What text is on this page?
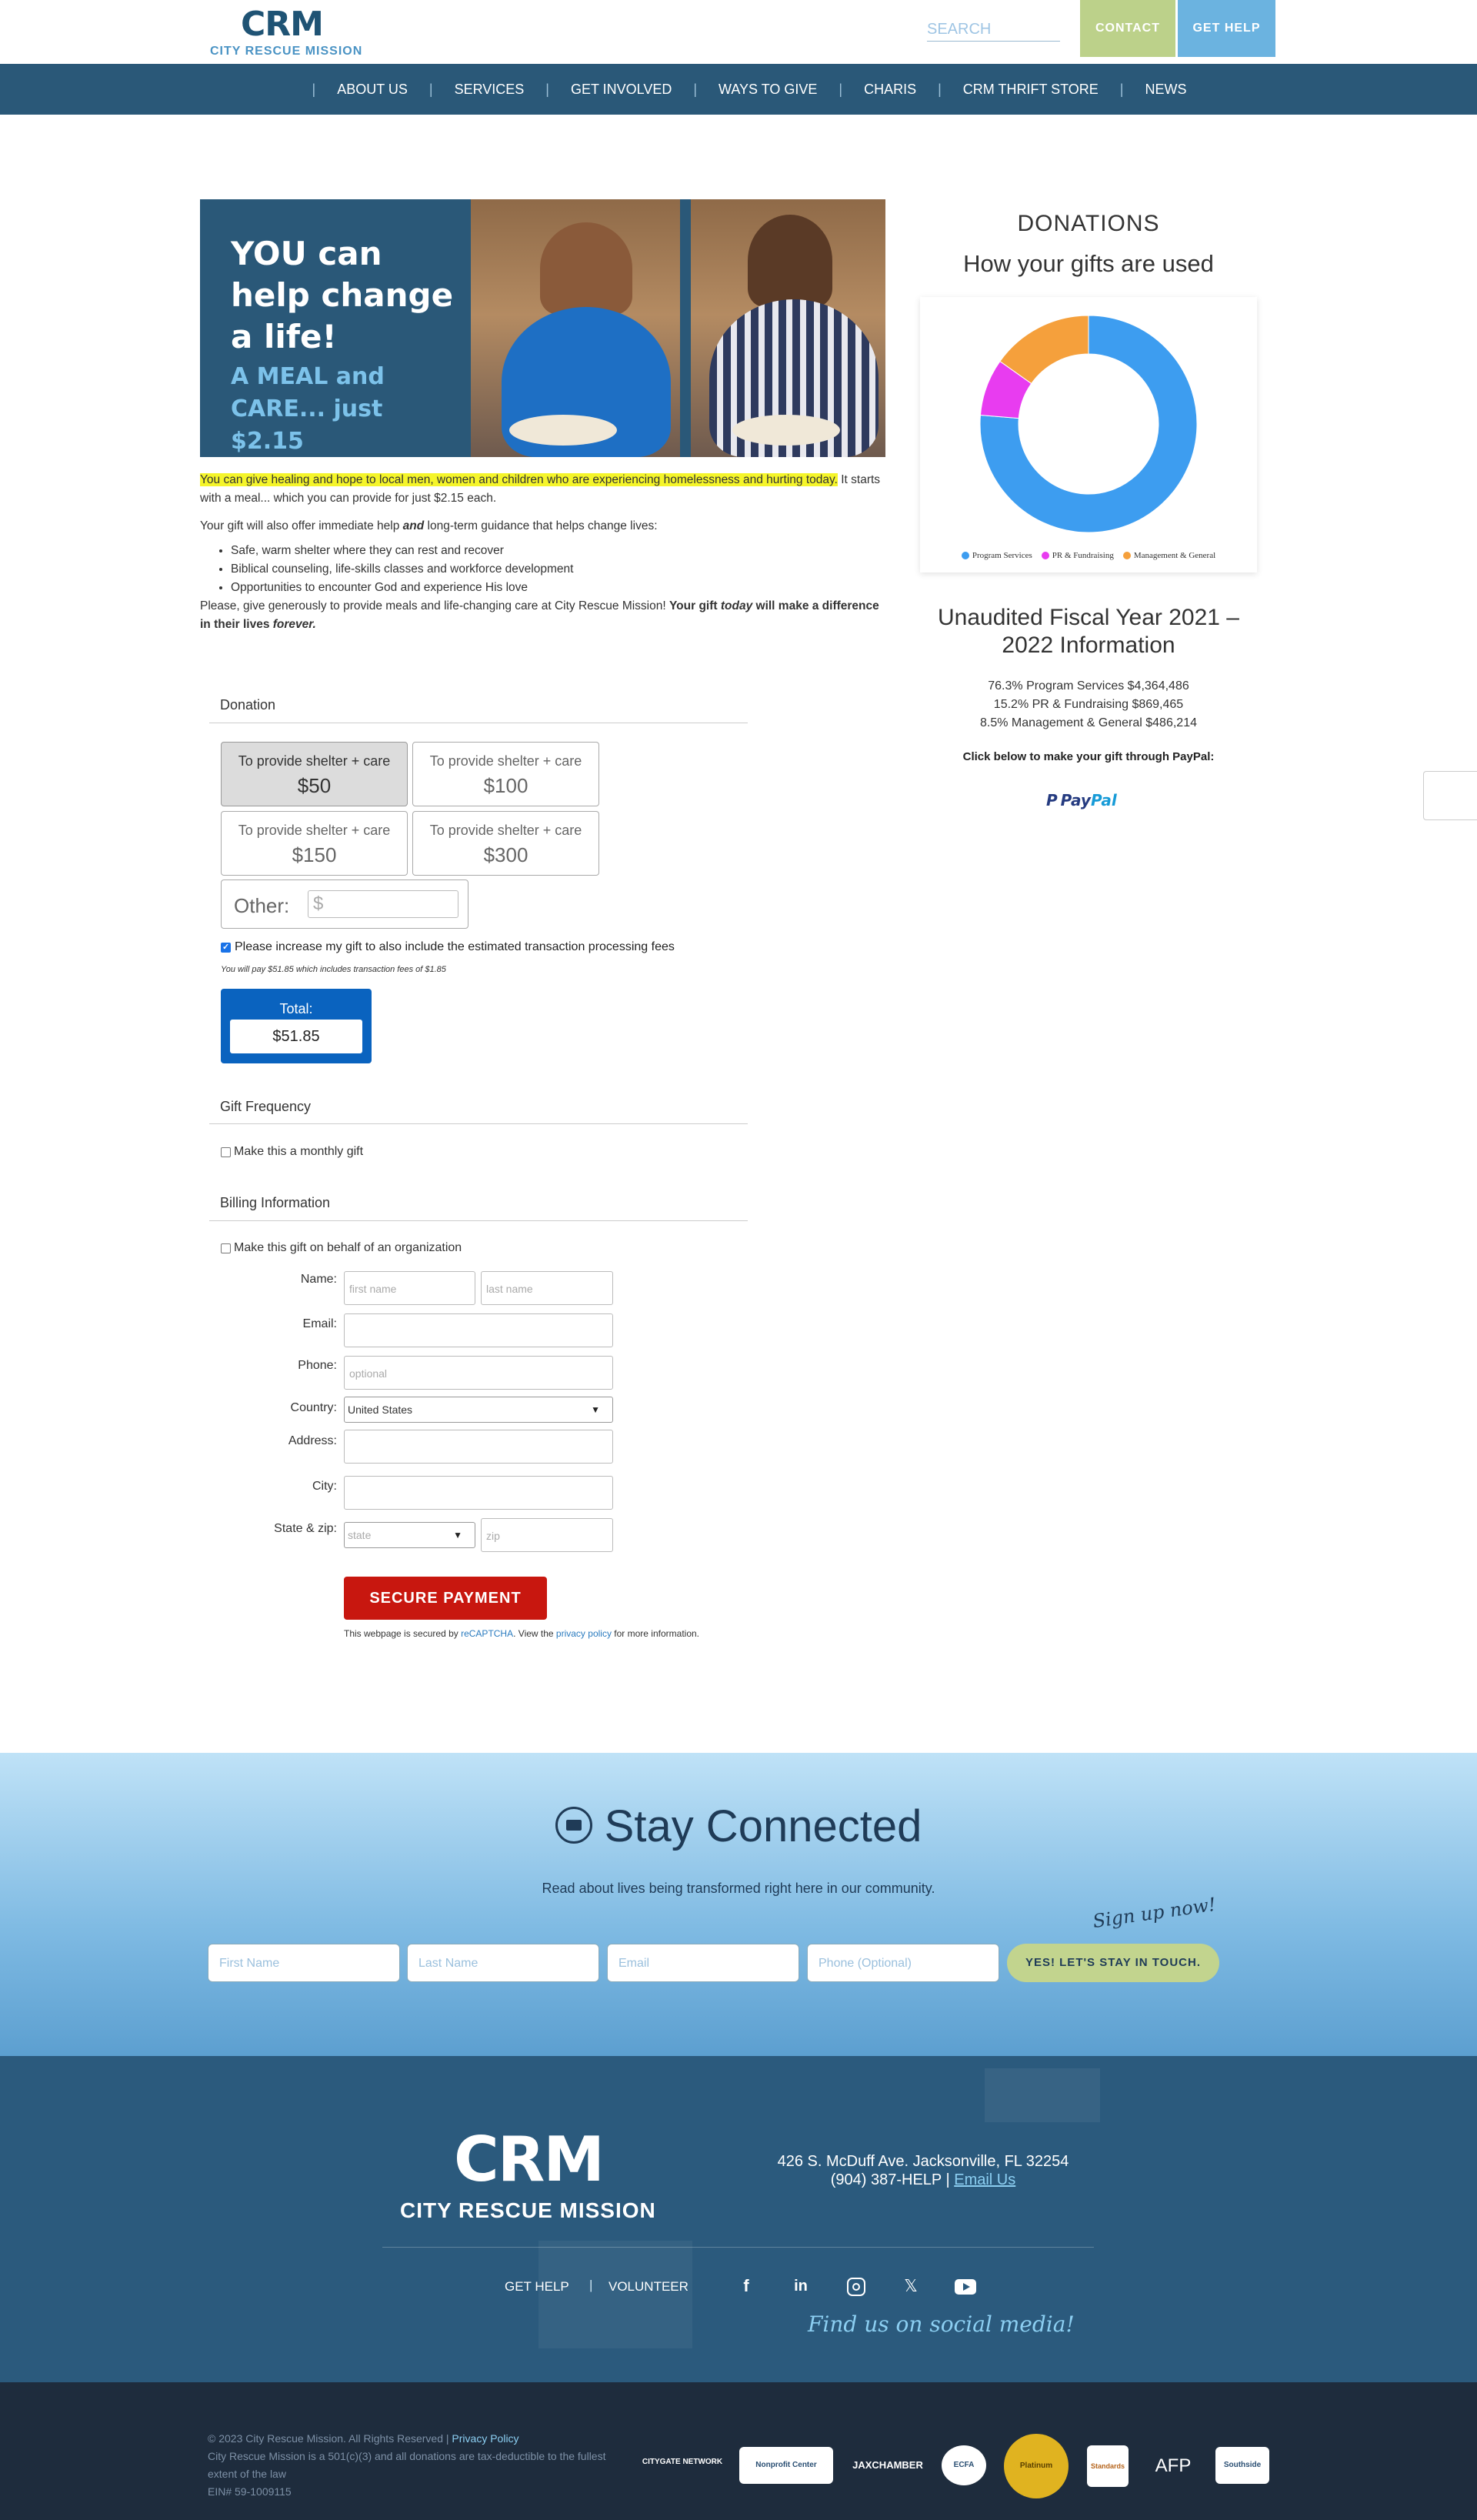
CRM
CITY RESCUE MISSION
SEARCH	CONTACT	GET HELP
| ABOUT US | SERVICES | GET INVOLVED | WAYS TO GIVE | CHARIS | CRM THRIFT STORE | NEWS
YOU can help change a life!
A MEAL and CARE... just $2.15

You can give healing and hope to local men, women and children who are experiencing homelessness and hurting today. It starts with a meal... which you can provide for just $2.15 each.

Your gift will also offer immediate help and long-term guidance that helps change lives:

• Safe, warm shelter where they can rest and recover
• Biblical counseling, life-skills classes and workforce development
• Opportunities to encounter God and experience His love
Please, give generously to provide meals and life-changing care at City Rescue Mission! Your gift today will make a difference in their lives forever.
Donation
To provide shelter + care
$50
To provide shelter + care
$100
To provide shelter + care
$150
To provide shelter + care
$300
Other: $
✓
Please increase my gift to also include the estimated transaction processing fees
You will pay $51.85 which includes transaction fees of $1.85
Total:
$51.85
Gift Frequency
Make this a monthly gift
Billing Information
Make this gift on behalf of an organization
Name:
first name	last name
Email:
Phone:
optional
Country:	United States	▼
Address:
City:
State & zip:	state	▼	zip
SECURE PAYMENT
This webpage is secured by reCAPTCHA. View the privacy policy for more information.
DONATIONS
How your gifts are used
Program Services PR & Fundraising Management & General
Unaudited Fiscal Year 2021 – 2022 Information
76.3% Program Services $4,364,486
15.2% PR & Fundraising $869,465
8.5% Management & General $486,214
Click below to make your gift through PayPal:
P PayPal
Stay Connected
Read about lives being transformed right here in our community.
Sign up now!
First Name	Last Name	Email	Phone (Optional)	YES! LET'S STAY IN TOUCH.
CRM
CITY RESCUE MISSION
426 S. McDuff Ave. Jacksonville, FL 32254
(904) 387-HELP | Email Us
GET HELP | VOLUNTEER	f	in	𝕏
Find us on social media!
© 2023 City Rescue Mission. All Rights Reserved | Privacy Policy
City Rescue Mission is a 501(c)(3) and all donations are tax-deductible to the fullest extent of the law
EIN# 59-1009115
CITYGATE NETWORK	Nonprofit Center	JAXCHAMBER	ECFA	Platinum	Standards	AFP	Southside
